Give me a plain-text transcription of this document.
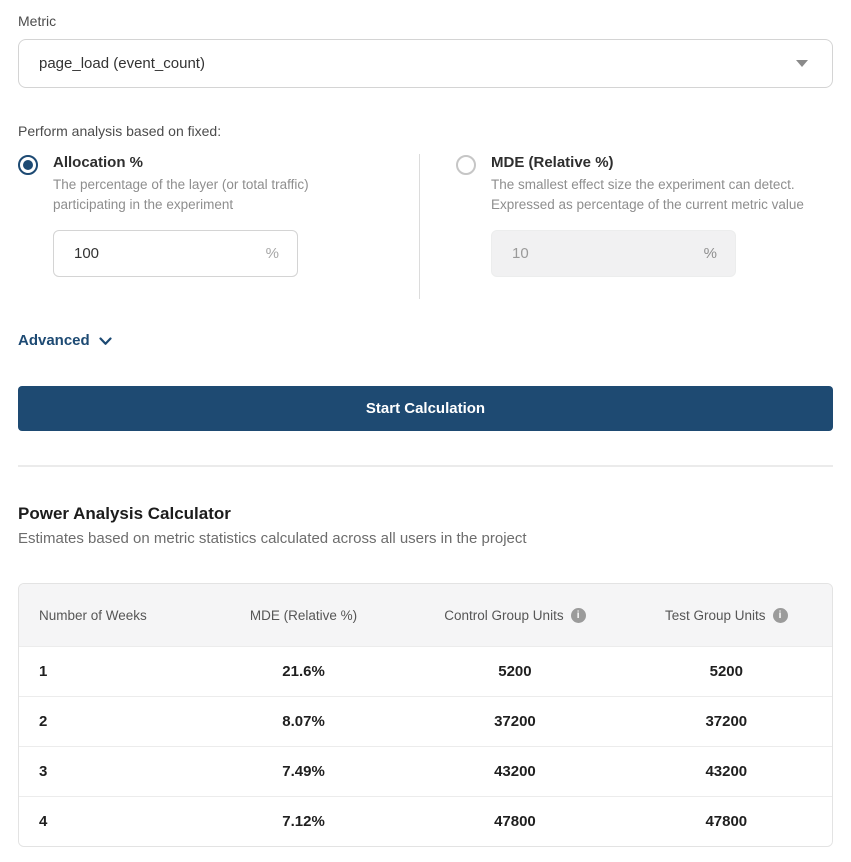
Metric
page_load (event_count)
Perform analysis based on fixed:
Allocation %
The percentage of the layer (or total traffic) participating in the experiment
100
%
MDE (Relative %)
The smallest effect size the experiment can detect. Expressed as percentage of the current metric value
10
%
Advanced
Start Calculation
Power Analysis Calculator
Estimates based on metric statistics calculated across all users in the project
Number of Weeks	MDE (Relative %)	Control Group Units	i	Test Group Units	i
1	21.6%	5200	5200
2	8.07%	37200	37200
3	7.49%	43200	43200
4	7.12%	47800	47800
